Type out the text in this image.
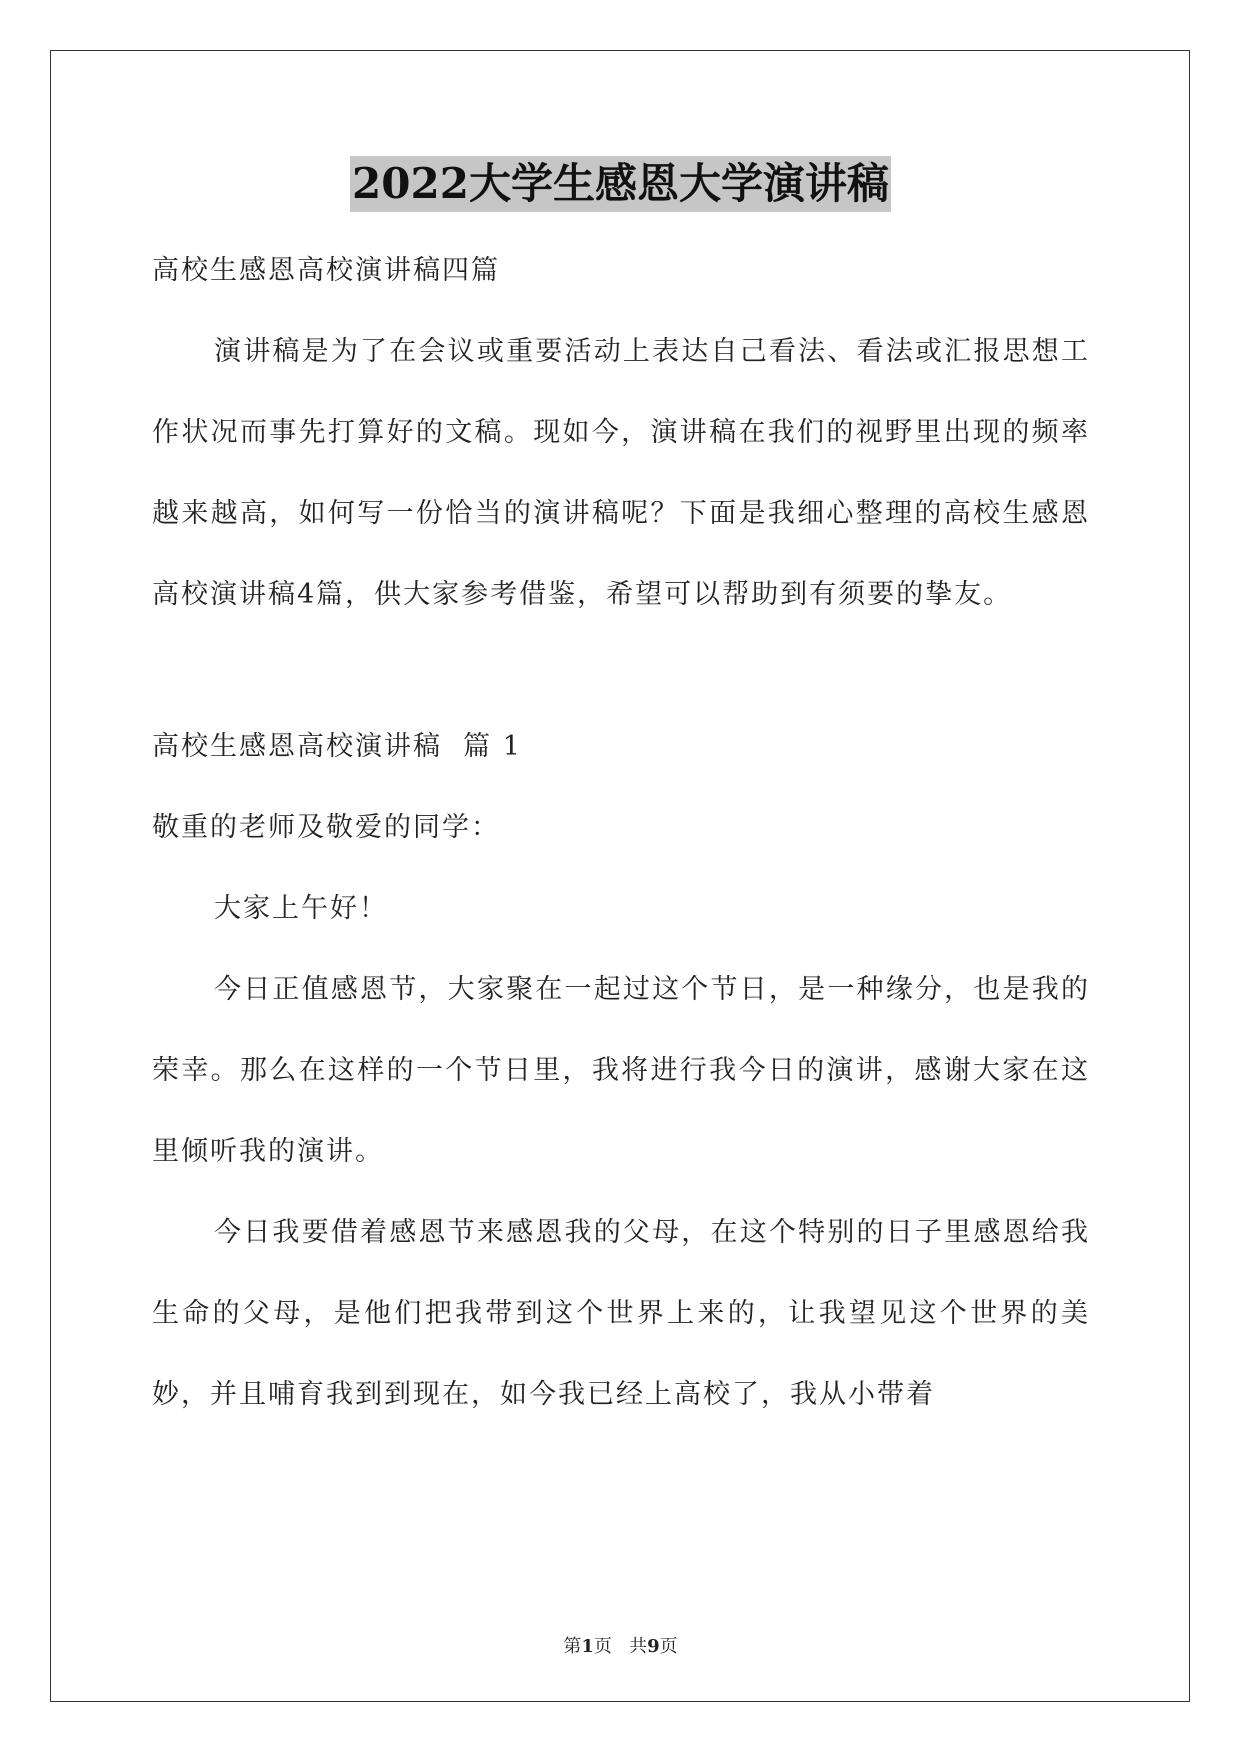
2022大学生感恩大学演讲稿

高校生感恩高校演讲稿四篇

演讲稿是为了在会议或重要活动上表达自己看法、看法或汇报思想工作状况而事先打算好的文稿。现如今，演讲稿在我们的视野里出现的频率越来越高，如何写一份恰当的演讲稿呢？下面是我细心整理的高校生感恩高校演讲稿4篇，供大家参考借鉴，希望可以帮助到有须要的挚友。

高校生感恩高校演讲稿  篇 1

敬重的老师及敬爱的同学：

大家上午好！

今日正值感恩节，大家聚在一起过这个节日，是一种缘分，也是我的荣幸。那么在这样的一个节日里，我将进行我今日的演讲，感谢大家在这里倾听我的演讲。

今日我要借着感恩节来感恩我的父母，在这个特别的日子里感恩给我生命的父母，是他们把我带到这个世界上来的，让我望见这个世界的美妙，并且哺育我到到现在，如今我已经上高校了，我从小带着

第1页 共9页
